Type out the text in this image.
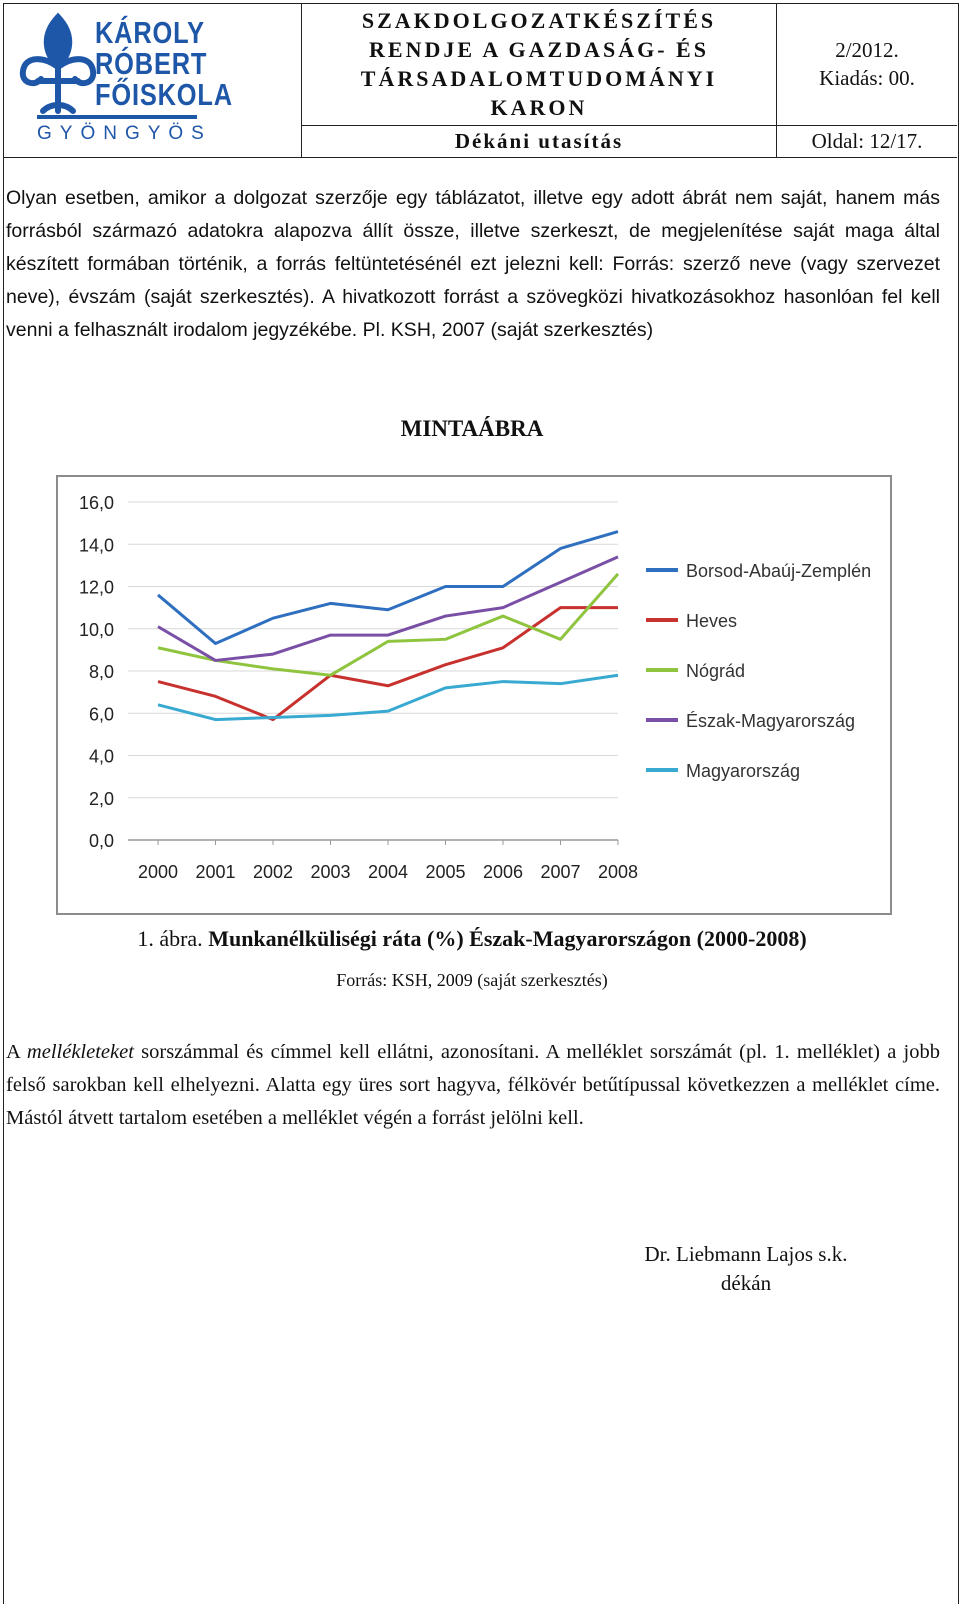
KÁROLY
RÓBERT
FŐISKOLA
GYÖNGYÖS
SZAKDOLGOZATKÉSZÍTÉS
RENDJE A GAZDASÁG- ÉS
TÁRSADALOMTUDOMÁNYI
KARON
2/2012.
Kiadás: 00.
Dékáni utasítás	Oldal: 12/17.
Olyan esetben, amikor a dolgozat szerzője egy táblázatot, illetve egy adott ábrát nem saját, hanem más forrásból származó adatokra alapozva állít össze, illetve szerkeszt, de megjelenítése saját maga által készített formában történik, a forrás feltüntetésénél ezt jelezni kell: Forrás: szerző neve (vagy szervezet neve), évszám (saját szerkesztés). A hivatkozott forrást a szövegközi hivatkozásokhoz hasonlóan fel kell venni a felhasznált irodalom jegyzékébe. Pl. KSH, 2007 (saját szerkesztés)
MINTAÁBRA
0,0
2,0
4,0
6,0
8,0
10,0
12,0
14,0
16,0
2000 2001 2002 2003 2004 2005 2006 2007 2008
Borsod-Abaúj-Zemplén
Heves
Nógrád
Észak-Magyarország
Magyarország
1. ábra. Munkanélküliségi ráta (%) Észak-Magyarországon (2000-2008)
Forrás: KSH, 2009 (saját szerkesztés)
A mellékleteket sorszámmal és címmel kell ellátni, azonosítani. A melléklet sorszámát (pl. 1. melléklet) a jobb felső sarokban kell elhelyezni. Alatta egy üres sort hagyva, félkövér betűtípussal következzen a melléklet címe. Mástól átvett tartalom esetében a melléklet végén a forrást jelölni kell.
Dr. Liebmann Lajos s.k.
dékán
